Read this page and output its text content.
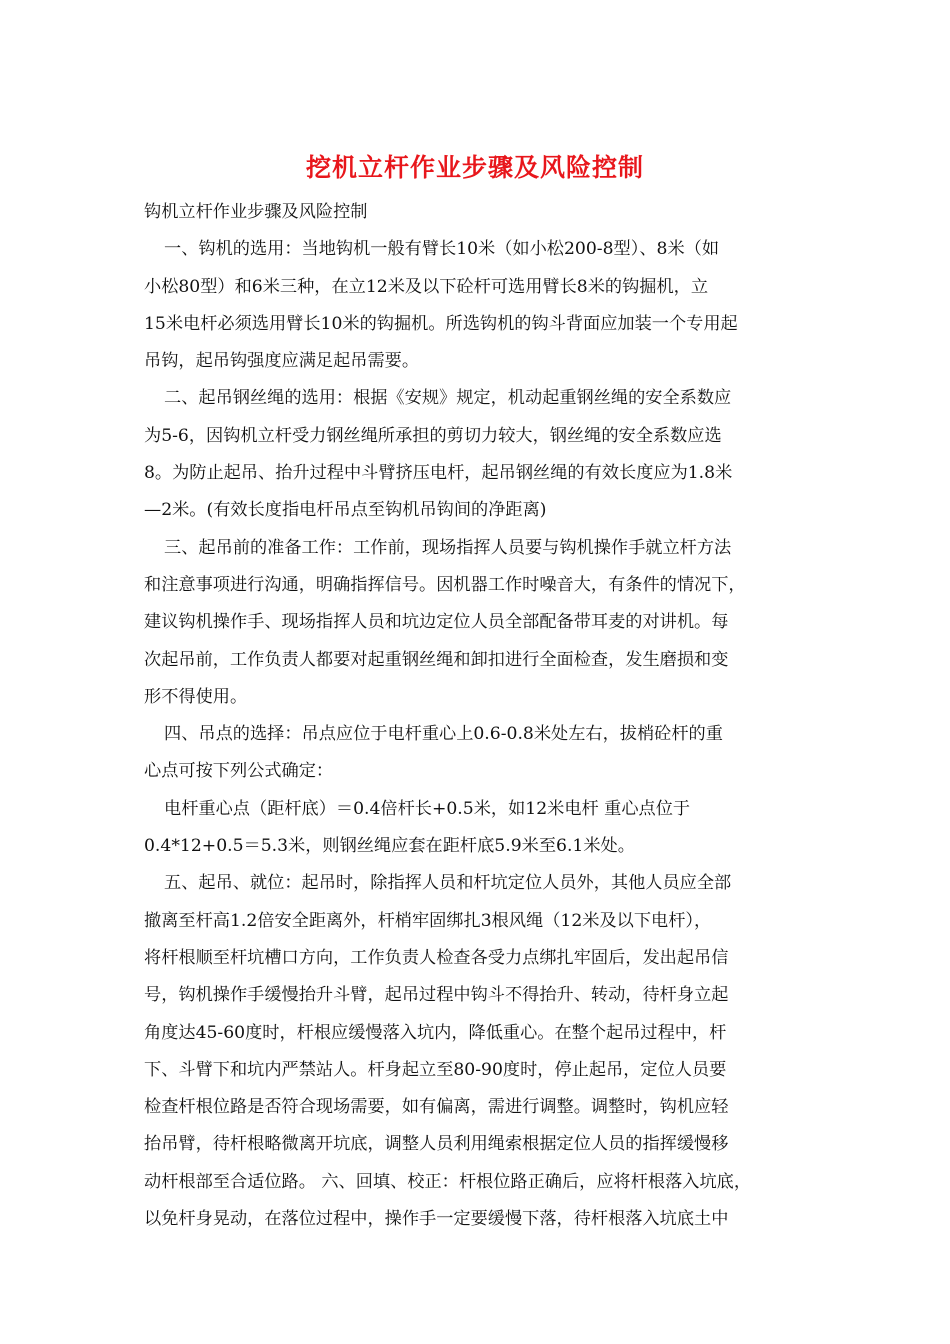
挖机立杆作业步骤及风险控制
钩机立杆作业步骤及风险控制
一、钩机的选用：当地钩机一般有臂长10米（如小松200-8型）、8米（如
小松80型）和6米三种，在立12米及以下砼杆可选用臂长8米的钩掘机，立
15米电杆必须选用臂长10米的钩掘机。所选钩机的钩斗背面应加装一个专用起
吊钩，起吊钩强度应满足起吊需要。
二、起吊钢丝绳的选用：根据《安规》规定，机动起重钢丝绳的安全系数应
为5-6，因钩机立杆受力钢丝绳所承担的剪切力较大，钢丝绳的安全系数应选
8。为防止起吊、抬升过程中斗臂挤压电杆，起吊钢丝绳的有效长度应为1.8米
—2米。(有效长度指电杆吊点至钩机吊钩间的净距离)
三、起吊前的准备工作：工作前，现场指挥人员要与钩机操作手就立杆方法
和注意事项进行沟通，明确指挥信号。因机器工作时噪音大，有条件的情况下，
建议钩机操作手、现场指挥人员和坑边定位人员全部配备带耳麦的对讲机。每
次起吊前，工作负责人都要对起重钢丝绳和卸扣进行全面检查，发生磨损和变
形不得使用。
四、吊点的选择：吊点应位于电杆重心上0.6-0.8米处左右，拔梢砼杆的重
心点可按下列公式确定：
电杆重心点（距杆底）＝0.4倍杆长+0.5米，如12米电杆 重心点位于
0.4*12+0.5＝5.3米，则钢丝绳应套在距杆底5.9米至6.1米处。
五、起吊、就位：起吊时，除指挥人员和杆坑定位人员外，其他人员应全部
撤离至杆高1.2倍安全距离外，杆梢牢固绑扎3根风绳（12米及以下电杆），
将杆根顺至杆坑槽口方向，工作负责人检查各受力点绑扎牢固后，发出起吊信
号，钩机操作手缓慢抬升斗臂，起吊过程中钩斗不得抬升、转动，待杆身立起
角度达45-60度时，杆根应缓慢落入坑内，降低重心。在整个起吊过程中，杆
下、斗臂下和坑内严禁站人。杆身起立至80-90度时，停止起吊，定位人员要
检查杆根位路是否符合现场需要，如有偏离，需进行调整。调整时，钩机应轻
抬吊臂，待杆根略微离开坑底，调整人员利用绳索根据定位人员的指挥缓慢移
动杆根部至合适位路。 六、回填、校正：杆根位路正确后，应将杆根落入坑底，
以免杆身晃动，在落位过程中，操作手一定要缓慢下落，待杆根落入坑底土中
